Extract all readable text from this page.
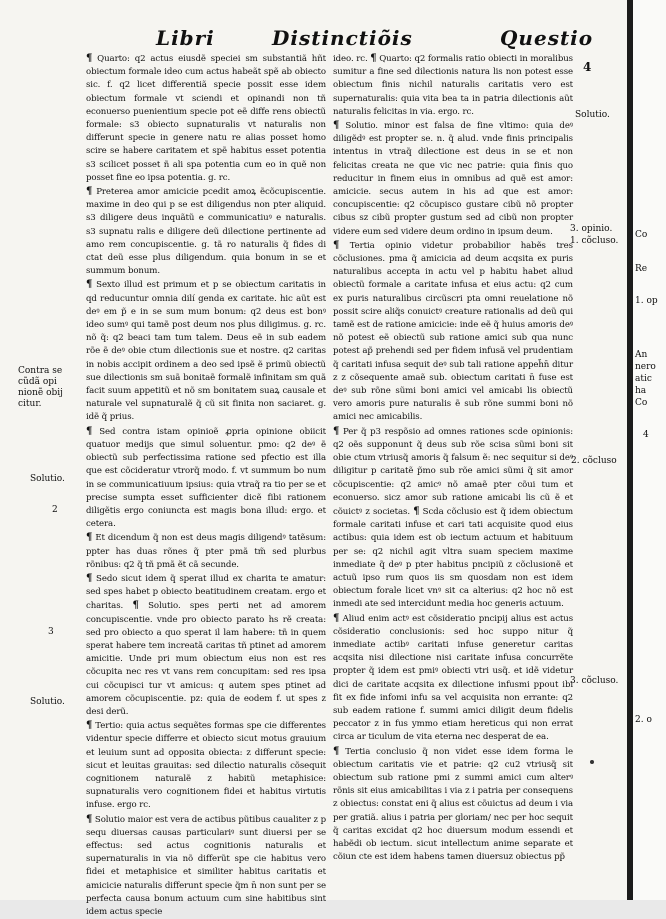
Libri	Distinctiõis	Questio
4

¶ Quarto: q2 actus eiusdẽ speciei sm substantiã hñt obiectum formale ideo cum actus habeãt spẽ ab obiecto sic. f. q2 licet differentiã specie possit esse idem obiectum formale vt sciendi et opinandi non tñ econuerso puenientium specie pot eẽ diffe rens obiectũ formale: s3 obiecto supnaturalis vt naturalis non differunt specie in genere natu re alias posset homo scire se habere caritatem et spẽ habitus esset potentia s3 scilicet posset ñ ali spa potentia cum eo in quẽ non posset fine eo ipsa potentia. g. rc.

¶ Preterea amor amicicie pcedit amoꝝ ẽcõcupiscentie. maxime in deo qui p se est diligendus non pter aliquid. s3 diligere deus inquãtũ e communicatiuꝰ e naturalis. s3 supnatu ralis e diligere deũ dilectione pertinente ad amo rem concupiscentie. g. tã ro naturalis q̃ fides di ctat deũ esse plus diligendum. quia bonum in se et summum bonum.

¶ Sexto illud est primum et p se obiectum caritatis in qd reducuntur omnia dilí genda ex caritate. hic aũt est deꝰ em p̃ e in se sum mum bonum: q2 deus est bonꝰ ideo sumꝰ qui tamẽ post deum nos plus diligimus. g. rc. nõ q̃: q2 beaci tam tum talem. Deus eẽ in sub eadem rõe ẽ deꝰ obie ctum dilectionis sue et nostre. q2 caritas in nobis accipit ordinem a deo sed ipsẽ ẽ primũ obiectũ sue dilectionis sm suã bonitaẽ formalẽ infinitam sm quã facit suum appetitũ et nõ sm bonitatem suaꝝ causale et naturale vel supnaturalẽ q̃ cũ sit finita non saciaret. g. idẽ q̃ prius.

¶ Sed contra istam opinioẽ ꝓpria opinione obiicit quatuor medijs que simul soluentur. pmo: q2 deꝰ ẽ obiectũ sub perfectissima ratione sed pfectio est illa que est cõcideratur vtrorq̃ modo. f. vt summum bo num in se communicatiuum ipsius: quia vtraq̃ ra tio per se et precise sumpta esset sufficienter dicẽ fibi rationem diligẽtis ergo coniuncta est magis bona illud: ergo. et cetera.

¶ Et dicendum q̃ non est deus magis diligendꝰ tatẽsum: ppter has duas rõnes q̃ pter pmã tm̃ sed plurbus rõnibus: q2 q̃ tñ pmã ẽt cã secunde.

¶ Sedo sicut idem q̃ sperat illud ex charita te amatur: sed spes habet p obiecto beatitudinem creatam. ergo et charitas. ¶ Solutio. spes perti net ad amorem concupiscentie. vnde pro obiecto parato hs rẽ creata: sed pro obiecto a quo sperat il lam habere: tñ in quem sperat habere tem increatã caritas tñ ptinet ad amorem amicitie. Unde pri mum obiectum eius non est res cõcupita nec res vt vans rem concupitam: sed res ipsa cui cõcupisci tur vt amicus: q autem spes ptinet ad amorem cõcupiscentie. pz: quia de eodem f. ut spes z desi derũ.

¶ Tertio: quia actus sequẽtes formas spe cie differentes videntur specie differre et obiecto sicut motus grauium et leuium sunt ad opposita obiecta: z differunt specie: sicut et leuitas grauitas: sed dilectio naturalis cõsequit cognitionem naturalẽ z habitũ metaphisice: supnaturalis vero cognitionem fidei et habitus virtutis infuse. ergo rc.

¶ Solutio maior est vera de actibus pũtibus caualiter z p sequ diuersas causas particulariꝰ sunt diuersi per se effectus: sed actus cognitionis naturalis et supernaturalis in via nõ differũt spe cie habitus vero fidei et metaphisice et similiter habitus caritatis et amicicie naturalis differunt specie q̃m n̄ non sunt per se perfecta causa bonum actuum cum sine habitibus sint idem actus specie

ideo. rc. ¶ Quarto: q2 formalis ratio obiecti in moralibus sumitur a fine sed dilectionis natura lis non potest esse obiectum finis nichil naturalis caritatis vero est supernaturalis: quia vita bea ta in patria dilectionis aũt naturalis felicitas in via. ergo. rc.

¶ Solutio. minor est falsa de fine vltimo: quia deꝰ diligẽdꝰ est propter se. n. q̃ alud. vnde finis principalis intentus in vtraq̃ dilectione est deus in se et non felicitas creata ne que vic nec patrie: quia finis quo reducitur in finem eius in omnibus ad quẽ est amor: amicicie. secus autem in his ad que est amor: concupiscentie: q2 cõcupisco gustare cibũ nõ propter cibus sz cibũ propter gustum sed ad cibũ non propter videre eum sed videre deum ordino in ipsum deum.

¶ Tertia opinio videtur probabilior habẽs tres cõclusiones. pma q̃ amicicia ad deum acqsita ex puris naturalibus accepta in actu vel p habitu habet aliud obiectũ formale a caritate infusa et eius actu: q2 cum ex puris naturalibus circũscri pta omni reuelatione nõ possit scire aliq̃s conuictꝰ creature rationalis ad deũ qui tamẽ est de ratione amicicie: inde eẽ q̃ huius amoris deꝰ nõ potest eẽ obiectũ sub ratione amici sub qua nunc potest ap̃ prehendi sed per fidem infusã vel prudentiam q̃ caritati infusa sequit deꝰ sub tali ratione appeh̃n̄ ditur z z cõsequente amaẽ sub. obiectum caritati n̄ fuse est deꝰ sub rõne sũmi boni amici vel amicabi lis obiectũ vero amoris pure naturalis ẽ sub rõne summi boni nõ amici nec amicabilis.

¶ Per q̃ p3 respõsio ad omnes rationes scde opinionis: q2 oẽs supponunt q̃ deus sub rõe scisa sũmi boni sit obie ctum vtriusq̃ amoris q̃ falsum ẽ: nec sequitur si deꝰ diligitur p caritatẽ p̃mo sub rõe amici sũmi q̃ sit amor cõcupiscentie: q2 amicꝰ nõ amaẽ pter cõui tum et econuerso. sicz amor sub ratione amicabi lis cũ ẽ et cõuictꝰ z societas. ¶ Scda cõclusio est q̃ idem obiectum formale caritati infuse et cari tati acquisite quod eius actibus: quia idem est ob iectum actuum et habituum per se: q2 nichil agit vltra suam speciem maxime inmediate q̃ deꝰ p pter habitus pncipiũ z cõclusionẽ et actuũ ipso rum quos iis sm quosdam non est idem obiectum forale licet vnꝰ sit ca alterius: q2 hoc nõ est inmedi ate sed intercidunt media hoc generis actuum.

¶ Aliud enim actꝰ est cõsideratio pncipij alius est actus cõsideratio conclusionis: sed hoc suppo nitur q̃ inmediate actibꝰ caritati infuse generetur caritas acqsita nisi dilectione nisi caritate infusa concurrẽte propter q̃ idem est pmiꝰ obiecti vtri usq̃. et idẽ videtur dici de caritate acqsita ex dilectione infusmi ppout ibi fit ex fide infomi infu sa vel acquisita non errante: q2 sub eadem ratione f. summi amici diligit deum fidelis peccator z in fus ymmo etiam hereticus qui non errat circa ar ticulum de vita eterna nec desperat de ea.

¶ Tertia conclusio q̃ non videt esse idem forma le obiectum caritatis vie et patrie: q2 cu2 vtriusq̃ sit obiectum sub ratione pmi z summi amici cum alterꝰ rõnis sit eius amicabilitas i via z i patria per consequens z obiectus: constat eni q̃ alius est cõuictus ad deum i via per gratiã. alius i patria per gloriam/ nec per hoc sequit q̃ caritas excidat q2 hoc diuersum modum essendi et habẽdi ob iectum. sicut intellectum anime separate et cõiun cte est idem habens tamen diuersuz obiectus pp̃

Contra se cũdã opi nionẽ obij citur.
Solutio.
2
3
Solutio.
Solutio.
3. opinio.
1. cõcluso.
2. cõcluso
3. cõcluso.
Co
Re
1. op
An
nero
atic
ha
Co
4
2. o
